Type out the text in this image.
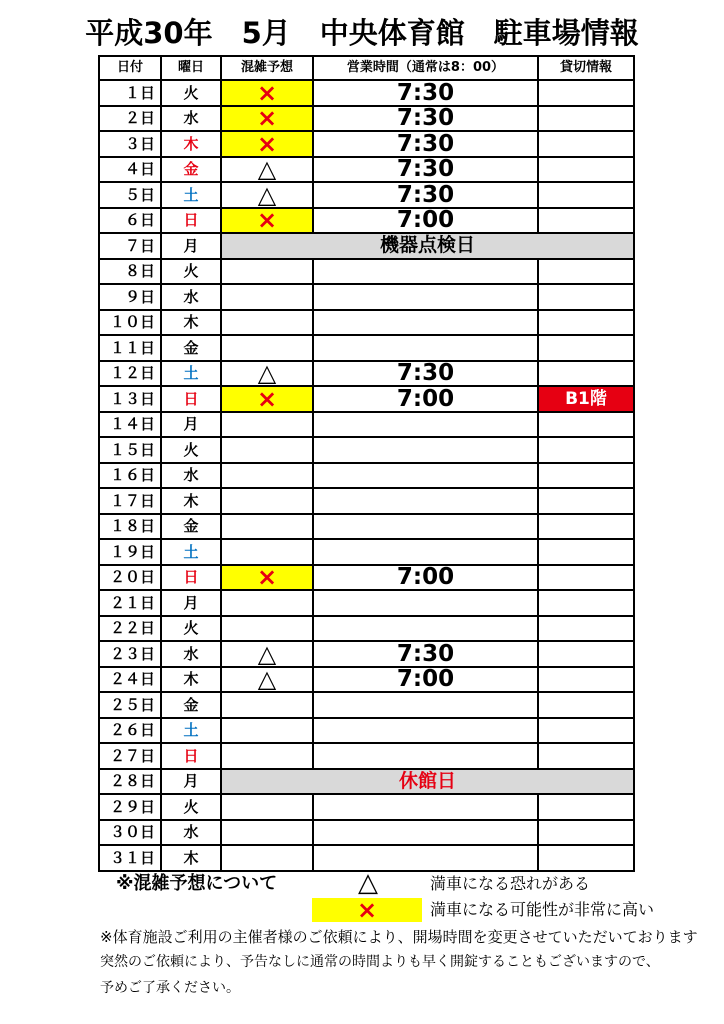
平成30年　5月　中央体育館　駐車場情報
日付	曜日	混雑予想	営業時間（通常は8：00）	貸切情報
１日	火	×	7:30	
２日	水	×	7:30	
３日	木	×	7:30	
４日	金	△	7:30	
５日	土	△	7:30	
６日	日	×	7:00	
７日	月	機器点検日		
８日	火			
９日	水			
１０日	木			
１１日	金			
１２日	土	△	7:30	
１３日	日	×	7:00	B1階
１４日	月			
１５日	火			
１６日	水			
１７日	木			
１８日	金			
１９日	土			
２０日	日	×	7:00	
２１日	月			
２２日	火			
２３日	水	△	7:30	
２４日	木	△	7:00	
２５日	金			
２６日	土			
２７日	日			
２８日	月	休館日		
２９日	火			
３０日	水			
３１日	木			
※混雑予想について	△	満車になる恐れがある
×	満車になる可能性が非常に高い
※体育施設ご利用の主催者様のご依頼により、開場時間を変更させていただいております
突然のご依頼により、予告なしに通常の時間よりも早く開錠することもございますので、
予めご了承ください。
